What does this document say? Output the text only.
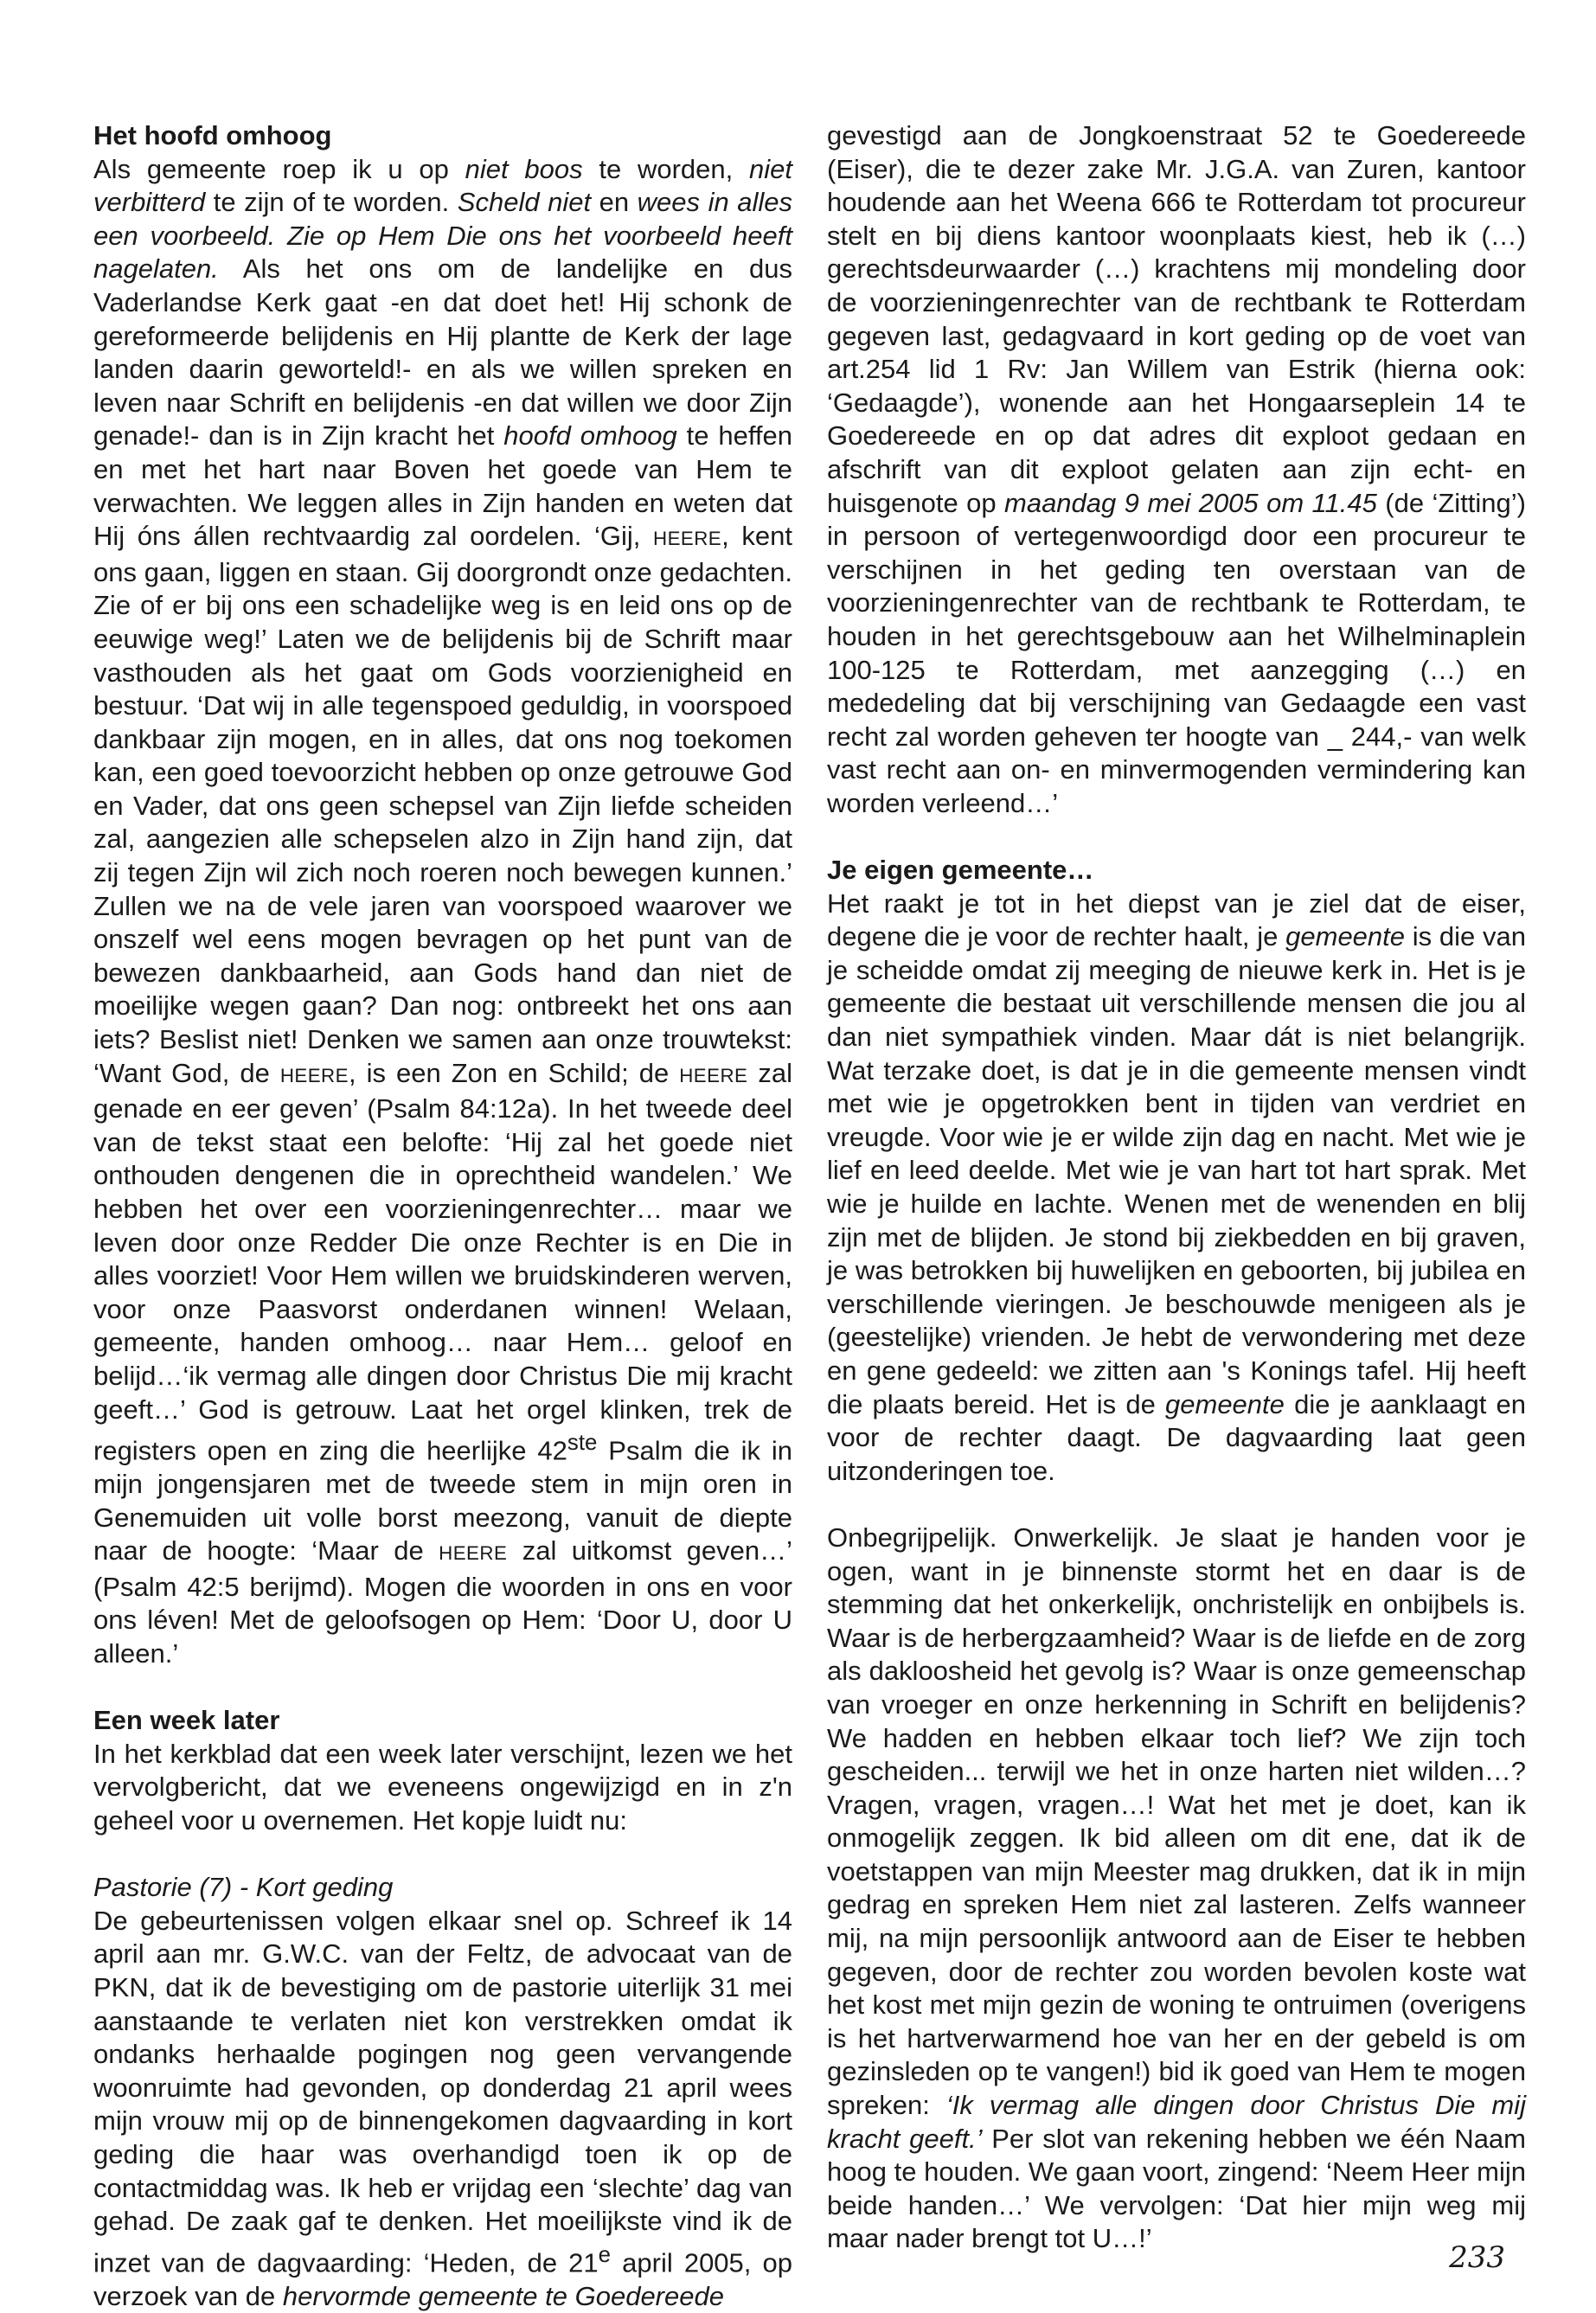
Het hoofd omhoog

Als gemeente roep ik u op niet boos te worden, niet verbitterd te zijn of te worden. Scheld niet en wees in alles een voorbeeld. Zie op Hem Die ons het voorbeeld heeft nagelaten. Als het ons om de landelijke en dus Vaderlandse Kerk gaat -en dat doet het! Hij schonk de gereformeerde belijdenis en Hij plantte de Kerk der lage landen daarin geworteld!- en als we willen spreken en leven naar Schrift en belijdenis -en dat willen we door Zijn genade!- dan is in Zijn kracht het hoofd omhoog te heffen en met het hart naar Boven het goede van Hem te verwachten. We leggen alles in Zijn handen en weten dat Hij óns állen rechtvaardig zal oordelen. ‘Gij, HEERE, kent ons gaan, liggen en staan. Gij doorgrondt onze gedachten. Zie of er bij ons een schadelijke weg is en leid ons op de eeuwige weg!’ Laten we de belijdenis bij de Schrift maar vasthouden als het gaat om Gods voorzienigheid en bestuur. ‘Dat wij in alle tegenspoed geduldig, in voorspoed dankbaar zijn mogen, en in alles, dat ons nog toekomen kan, een goed toevoorzicht hebben op onze getrouwe God en Vader, dat ons geen schepsel van Zijn liefde scheiden zal, aangezien alle schepselen alzo in Zijn hand zijn, dat zij tegen Zijn wil zich noch roeren noch bewegen kunnen.’ Zullen we na de vele jaren van voorspoed waarover we onszelf wel eens mogen bevragen op het punt van de bewezen dankbaarheid, aan Gods hand dan niet de moeilijke wegen gaan? Dan nog: ontbreekt het ons aan iets? Beslist niet! Denken we samen aan onze trouwtekst: ‘Want God, de HEERE, is een Zon en Schild; de HEERE zal genade en eer geven’ (Psalm 84:12a). In het tweede deel van de tekst staat een belofte: ‘Hij zal het goede niet onthouden dengenen die in oprechtheid wandelen.’ We hebben het over een voorzieningenrechter… maar we leven door onze Redder Die onze Rechter is en Die in alles voorziet! Voor Hem willen we bruidskinderen werven, voor onze Paasvorst onderdanen winnen! Welaan, gemeente, handen omhoog… naar Hem… geloof en belijd…‘ik vermag alle dingen door Christus Die mij kracht geeft…’ God is getrouw. Laat het orgel klinken, trek de registers open en zing die heerlijke 42ste Psalm die ik in mijn jongensjaren met de tweede stem in mijn oren in Genemuiden uit volle borst meezong, vanuit de diepte naar de hoogte: ‘Maar de HEERE zal uitkomst geven…’ (Psalm 42:5 berijmd). Mogen die woorden in ons en voor ons léven! Met de geloofsogen op Hem: ‘Door U, door U alleen.’

Een week later

In het kerkblad dat een week later verschijnt, lezen we het vervolgbericht, dat we eveneens ongewijzigd en in z'n geheel voor u overnemen. Het kopje luidt nu:

Pastorie (7) - Kort geding

De gebeurtenissen volgen elkaar snel op. Schreef ik 14 april aan mr. G.W.C. van der Feltz, de advocaat van de PKN, dat ik de bevestiging om de pastorie uiterlijk 31 mei aanstaande te verlaten niet kon verstrekken omdat ik ondanks herhaalde pogingen nog geen vervangende woonruimte had gevonden, op donderdag 21 april wees mijn vrouw mij op de binnengekomen dagvaarding in kort geding die haar was overhandigd toen ik op de contactmiddag was. Ik heb er vrijdag een ‘slechte’ dag van gehad. De zaak gaf te denken. Het moeilijkste vind ik de inzet van de dagvaarding: ‘Heden, de 21e april 2005, op verzoek van de hervormde gemeente te Goedereede

gevestigd aan de Jongkoenstraat 52 te Goedereede (Eiser), die te dezer zake Mr. J.G.A. van Zuren, kantoor houdende aan het Weena 666 te Rotterdam tot procureur stelt en bij diens kantoor woonplaats kiest, heb ik (…) gerechtsdeurwaarder (…) krachtens mij mondeling door de voorzieningenrechter van de rechtbank te Rotterdam gegeven last, gedagvaard in kort geding op de voet van art.254 lid 1 Rv: Jan Willem van Estrik (hierna ook: ‘Gedaagde’), wonende aan het Hongaarseplein 14 te Goedereede en op dat adres dit exploot gedaan en afschrift van dit exploot gelaten aan zijn echt- en huisgenote op maandag 9 mei 2005 om 11.45 (de ‘Zitting’) in persoon of vertegenwoordigd door een procureur te verschijnen in het geding ten overstaan van de voorzieningenrechter van de rechtbank te Rotterdam, te houden in het gerechtsgebouw aan het Wilhelminaplein 100-125 te Rotterdam, met aanzegging (…) en mededeling dat bij verschijning van Gedaagde een vast recht zal worden geheven ter hoogte van _ 244,- van welk vast recht aan on- en minvermogenden vermindering kan worden verleend…’

Je eigen gemeente…

Het raakt je tot in het diepst van je ziel dat de eiser, degene die je voor de rechter haalt, je gemeente is die van je scheidde omdat zij meeging de nieuwe kerk in. Het is je gemeente die bestaat uit verschillende mensen die jou al dan niet sympathiek vinden. Maar dát is niet belangrijk. Wat terzake doet, is dat je in die gemeente mensen vindt met wie je opgetrokken bent in tijden van verdriet en vreugde. Voor wie je er wilde zijn dag en nacht. Met wie je lief en leed deelde. Met wie je van hart tot hart sprak. Met wie je huilde en lachte. Wenen met de wenenden en blij zijn met de blijden. Je stond bij ziekbedden en bij graven, je was betrokken bij huwelijken en geboorten, bij jubilea en verschillende vieringen. Je beschouwde menigeen als je (geestelijke) vrienden. Je hebt de verwondering met deze en gene gedeeld: we zitten aan 's Konings tafel. Hij heeft die plaats bereid. Het is de gemeente die je aanklaagt en voor de rechter daagt. De dagvaarding laat geen uitzonderingen toe.

Onbegrijpelijk. Onwerkelijk. Je slaat je handen voor je ogen, want in je binnenste stormt het en daar is de stemming dat het onkerkelijk, onchristelijk en onbijbels is. Waar is de herbergzaamheid? Waar is de liefde en de zorg als dakloosheid het gevolg is? Waar is onze gemeenschap van vroeger en onze herkenning in Schrift en belijdenis? We hadden en hebben elkaar toch lief? We zijn toch gescheiden... terwijl we het in onze harten niet wilden…? Vragen, vragen, vragen…! Wat het met je doet, kan ik onmogelijk zeggen. Ik bid alleen om dit ene, dat ik de voetstappen van mijn Meester mag drukken, dat ik in mijn gedrag en spreken Hem niet zal lasteren. Zelfs wanneer mij, na mijn persoonlijk antwoord aan de Eiser te hebben gegeven, door de rechter zou worden bevolen koste wat het kost met mijn gezin de woning te ontruimen (overigens is het hartverwarmend hoe van her en der gebeld is om gezinsleden op te vangen!) bid ik goed van Hem te mogen spreken: ‘Ik vermag alle dingen door Christus Die mij kracht geeft.’ Per slot van rekening hebben we één Naam hoog te houden. We gaan voort, zingend: ‘Neem Heer mijn beide handen…’ We vervolgen: ‘Dat hier mijn weg mij maar nader brengt tot U…!’

233
